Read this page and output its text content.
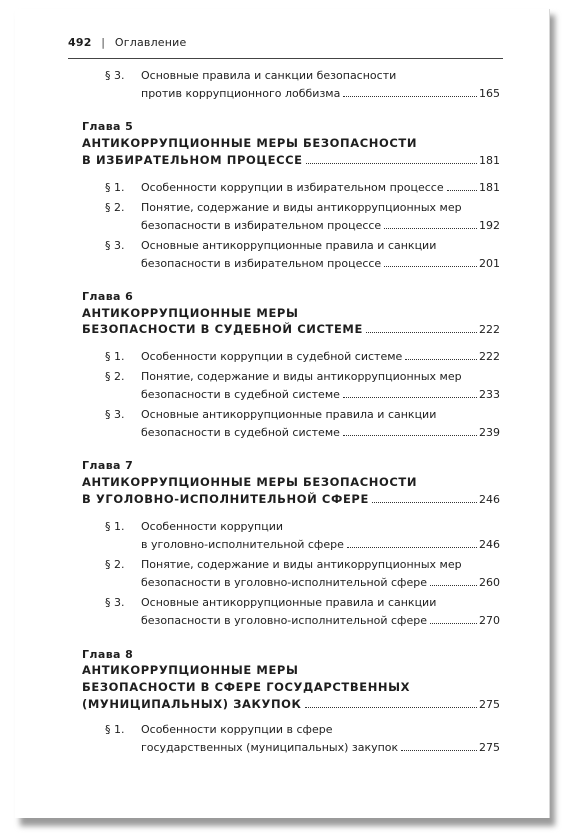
492 | Оглавление
§ 3. Основные правила и санкции безопасности
против коррупционного лоббизма	165
Глава 5
АНТИКОРРУПЦИОННЫЕ МЕРЫ БЕЗОПАСНОСТИ
В ИЗБИРАТЕЛЬНОМ ПРОЦЕССЕ	181
§ 1. Особенности коррупции в избирательном процессе	181
§ 2. Понятие, содержание и виды антикоррупционных мер
безопасности в избирательном процессе	192
§ 3. Основные антикоррупционные правила и санкции
безопасности в избирательном процессе	201
Глава 6
АНТИКОРРУПЦИОННЫЕ МЕРЫ
БЕЗОПАСНОСТИ В СУДЕБНОЙ СИСТЕМЕ	222
§ 1. Особенности коррупции в судебной системе	222
§ 2. Понятие, содержание и виды антикоррупционных мер
безопасности в судебной системе	233
§ 3. Основные антикоррупционные правила и санкции
безопасности в судебной системе	239
Глава 7
АНТИКОРРУПЦИОННЫЕ МЕРЫ БЕЗОПАСНОСТИ
В УГОЛОВНО-ИСПОЛНИТЕЛЬНОЙ СФЕРЕ	246
§ 1. Особенности коррупции
в уголовно-исполнительной сфере	246
§ 2. Понятие, содержание и виды антикоррупционных мер
безопасности в уголовно-исполнительной сфере	260
§ 3. Основные антикоррупционные правила и санкции
безопасности в уголовно-исполнительной сфере	270
Глава 8
АНТИКОРРУПЦИОННЫЕ МЕРЫ
БЕЗОПАСНОСТИ В СФЕРЕ ГОСУДАРСТВЕННЫХ
(МУНИЦИПАЛЬНЫХ) ЗАКУПОК	275
§ 1. Особенности коррупции в сфере
государственных (муниципальных) закупок	275
